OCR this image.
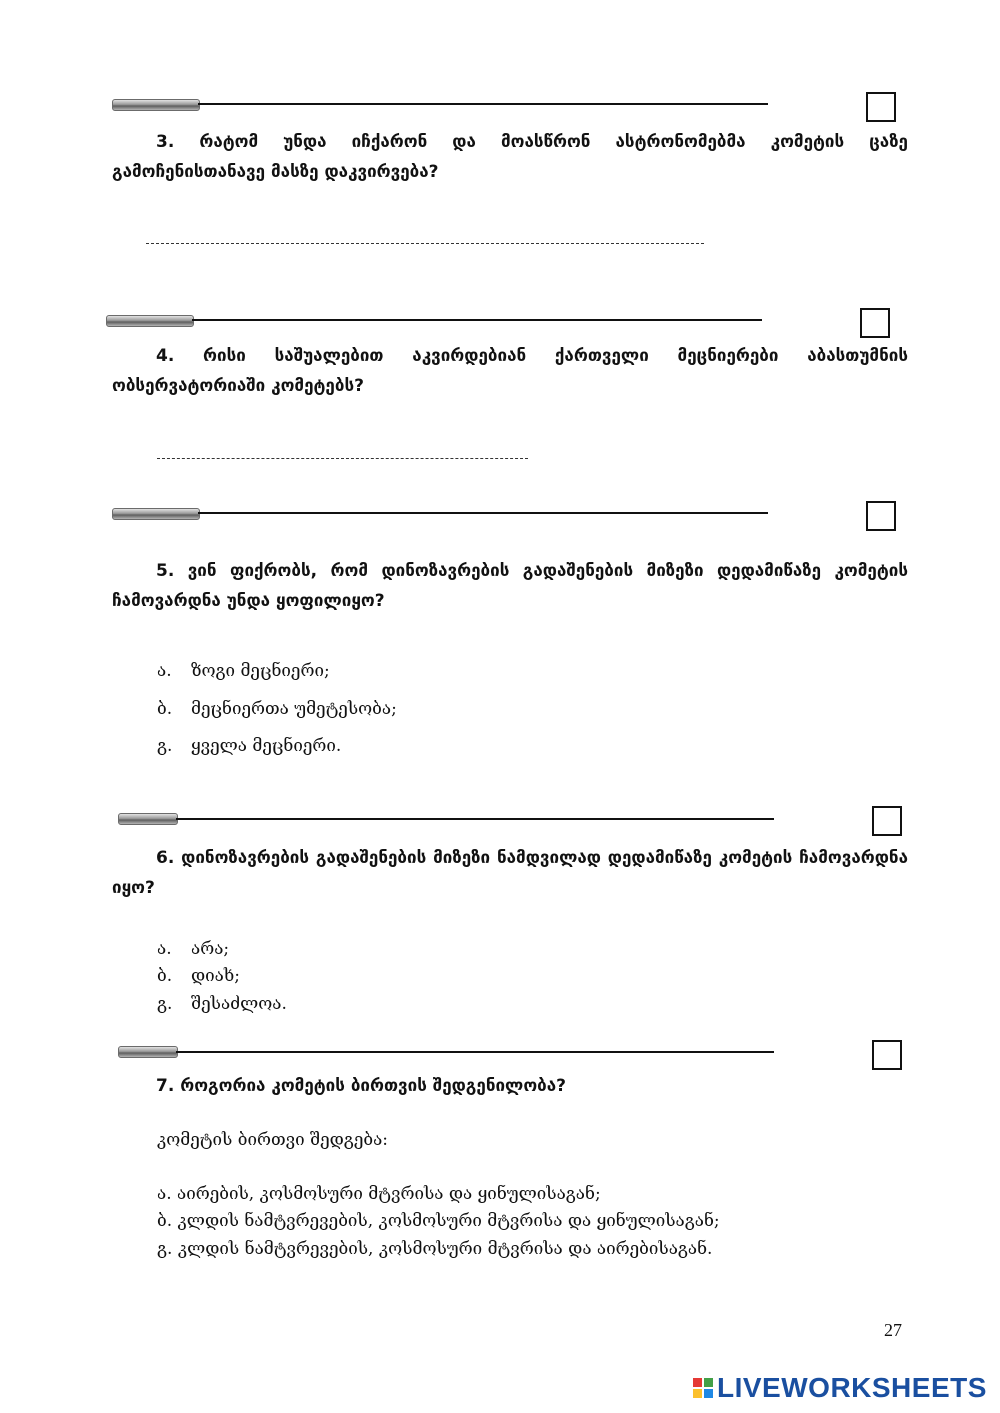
3. რატომ უნდა იჩქარონ და მოასწრონ ასტრონომებმა კომეტის ცაზე გამოჩენისთანავე მასზე დაკვირვება?

4. რისი საშუალებით აკვირდებიან ქართველი მეცნიერები აბასთუმნის ობსერვატორიაში კომეტებს?

5. ვინ ფიქრობს, რომ დინოზავრების გადაშენების მიზეზი დედამიწაზე კომეტის ჩამოვარდნა უნდა ყოფილიყო?

ა. ზოგი მეცნიერი;
ბ. მეცნიერთა უმეტესობა;
გ. ყველა მეცნიერი.

6. დინოზავრების გადაშენების მიზეზი ნამდვილად დედამიწაზე კომეტის ჩამოვარდნა იყო?

ა. არა;
ბ. დიახ;
გ. შესაძლოა.

7. როგორია კომეტის ბირთვის შედგენილობა?

კომეტის ბირთვი შედგება:
ა. აირების, კოსმოსური მტვრისა და ყინულისაგან;
ბ. კლდის ნამტვრევების, კოსმოსური მტვრისა და ყინულისაგან;
გ. კლდის ნამტვრევების, კოსმოსური მტვრისა და აირებისაგან.
27
LIVEWORKSHEETS
